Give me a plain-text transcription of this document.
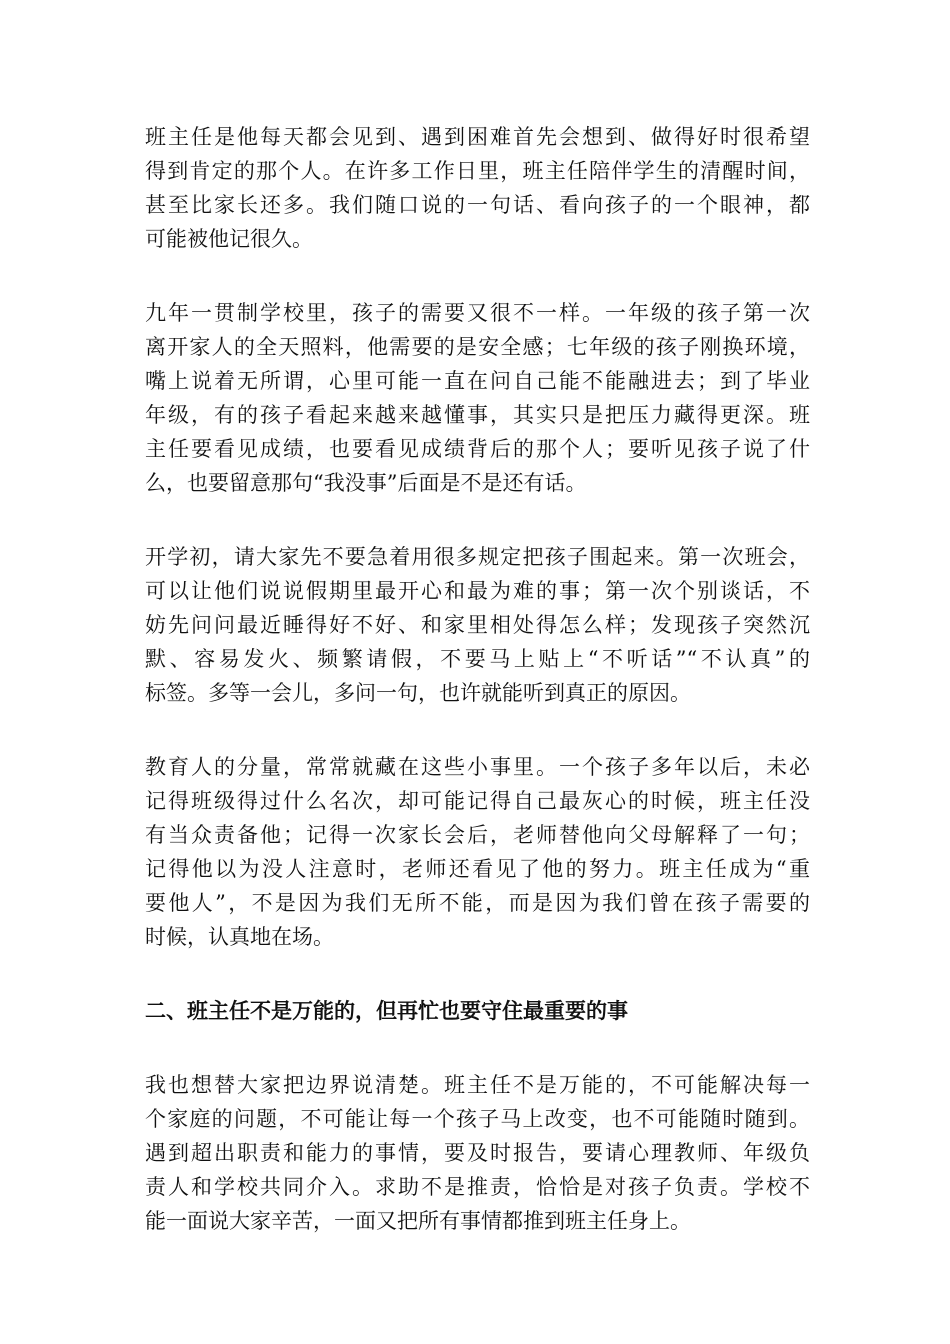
班主任是他每天都会见到、遇到困难首先会想到、做得好时很希望
得到肯定的那个人。在许多工作日里，班主任陪伴学生的清醒时间，
甚至比家长还多。我们随口说的一句话、看向孩子的一个眼神，都
可能被他记很久。

九年一贯制学校里，孩子的需要又很不一样。一年级的孩子第一次
离开家人的全天照料，他需要的是安全感；七年级的孩子刚换环境，
嘴上说着无所谓，心里可能一直在问自己能不能融进去；到了毕业
年级，有的孩子看起来越来越懂事，其实只是把压力藏得更深。班
主任要看见成绩，也要看见成绩背后的那个人；要听见孩子说了什
么，也要留意那句“我没事”后面是不是还有话。

开学初，请大家先不要急着用很多规定把孩子围起来。第一次班会，
可以让他们说说假期里最开心和最为难的事；第一次个别谈话，不
妨先问问最近睡得好不好、和家里相处得怎么样；发现孩子突然沉
默、容易发火、频繁请假，不要马上贴上“不听话”“不认真”的
标签。多等一会儿，多问一句，也许就能听到真正的原因。

教育人的分量，常常就藏在这些小事里。一个孩子多年以后，未必
记得班级得过什么名次，却可能记得自己最灰心的时候，班主任没
有当众责备他；记得一次家长会后，老师替他向父母解释了一句；
记得他以为没人注意时，老师还看见了他的努力。班主任成为“重
要他人”，不是因为我们无所不能，而是因为我们曾在孩子需要的
时候，认真地在场。

二、班主任不是万能的，但再忙也要守住最重要的事

我也想替大家把边界说清楚。班主任不是万能的，不可能解决每一
个家庭的问题，不可能让每一个孩子马上改变，也不可能随时随到。
遇到超出职责和能力的事情，要及时报告，要请心理教师、年级负
责人和学校共同介入。求助不是推责，恰恰是对孩子负责。学校不
能一面说大家辛苦，一面又把所有事情都推到班主任身上。
